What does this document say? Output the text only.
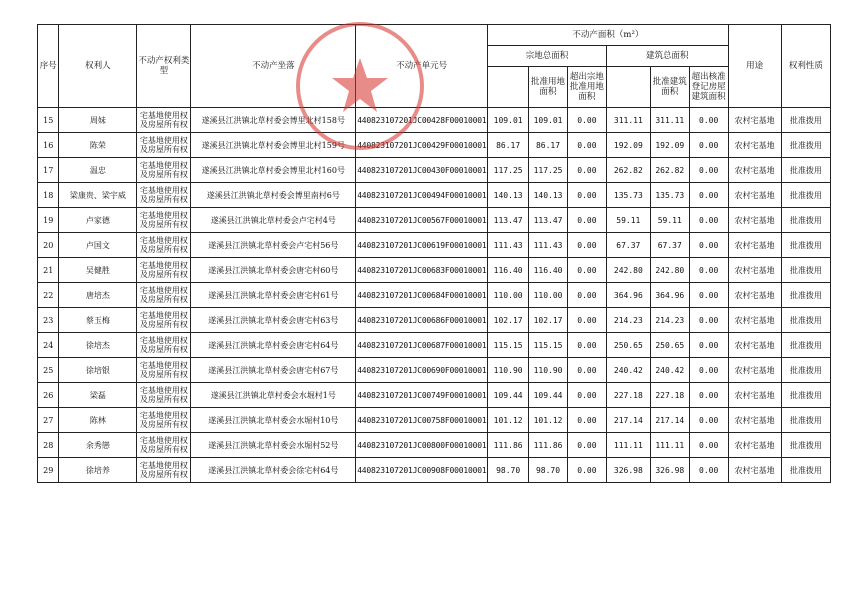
序号	权利人	不动产权利类型	不动产坐落	不动产单元号	不动产面积（m²）						用途	权利性质
					宗地总面积			建筑总面积				
						批准用地面积	超出宗地批准用地面积		批准建筑面积	超出核准登记房屋建筑面积		
15	周妹	宅基地使用权及房屋所有权	遂溪县江洪镇北草村委会博里北村158号	440823107201JC00428F00010001	109.01	109.01	0.00	311.11	311.11	0.00	农村宅基地	批准拨用
16	陈荣	宅基地使用权及房屋所有权	遂溪县江洪镇北草村委会博里北村159号	440823107201JC00429F00010001	86.17	86.17	0.00	192.09	192.09	0.00	农村宅基地	批准拨用
17	温忠	宅基地使用权及房屋所有权	遂溪县江洪镇北草村委会博里北村160号	440823107201JC00430F00010001	117.25	117.25	0.00	262.82	262.82	0.00	农村宅基地	批准拨用
18	梁康贵、梁宇威	宅基地使用权及房屋所有权	遂溪县江洪镇北草村委会博里南村6号	440823107201JC00494F00010001	140.13	140.13	0.00	135.73	135.73	0.00	农村宅基地	批准拨用
19	卢家德	宅基地使用权及房屋所有权	遂溪县江洪镇北草村委会卢宅村4号	440823107201JC00567F00010001	113.47	113.47	0.00	59.11	59.11	0.00	农村宅基地	批准拨用
20	卢国文	宅基地使用权及房屋所有权	遂溪县江洪镇北草村委会卢宅村56号	440823107201JC00619F00010001	111.43	111.43	0.00	67.37	67.37	0.00	农村宅基地	批准拨用
21	吴健胜	宅基地使用权及房屋所有权	遂溪县江洪镇北草村委会唐宅村60号	440823107201JC00683F00010001	116.40	116.40	0.00	242.80	242.80	0.00	农村宅基地	批准拨用
22	唐培杰	宅基地使用权及房屋所有权	遂溪县江洪镇北草村委会唐宅村61号	440823107201JC00684F00010001	110.00	110.00	0.00	364.96	364.96	0.00	农村宅基地	批准拨用
23	蔡玉梅	宅基地使用权及房屋所有权	遂溪县江洪镇北草村委会唐宅村63号	440823107201JC00686F00010001	102.17	102.17	0.00	214.23	214.23	0.00	农村宅基地	批准拨用
24	徐培杰	宅基地使用权及房屋所有权	遂溪县江洪镇北草村委会唐宅村64号	440823107201JC00687F00010001	115.15	115.15	0.00	250.65	250.65	0.00	农村宅基地	批准拨用
25	徐培银	宅基地使用权及房屋所有权	遂溪县江洪镇北草村委会唐宅村67号	440823107201JC00690F00010001	110.90	110.90	0.00	240.42	240.42	0.00	农村宅基地	批准拨用
26	梁磊	宅基地使用权及房屋所有权	遂溪县江洪镇北草村委会水堀村1号	440823107201JC00749F00010001	109.44	109.44	0.00	227.18	227.18	0.00	农村宅基地	批准拨用
27	陈林	宅基地使用权及房屋所有权	遂溪县江洪镇北草村委会水堀村10号	440823107201JC00758F00010001	101.12	101.12	0.00	217.14	217.14	0.00	农村宅基地	批准拨用
28	余秀戀	宅基地使用权及房屋所有权	遂溪县江洪镇北草村委会水堀村52号	440823107201JC00800F00010001	111.86	111.86	0.00	111.11	111.11	0.00	农村宅基地	批准拨用
29	徐培养	宅基地使用权及房屋所有权	遂溪县江洪镇北草村委会徐宅村64号	440823107201JC00908F00010001	98.70	98.70	0.00	326.98	326.98	0.00	农村宅基地	批准拨用
